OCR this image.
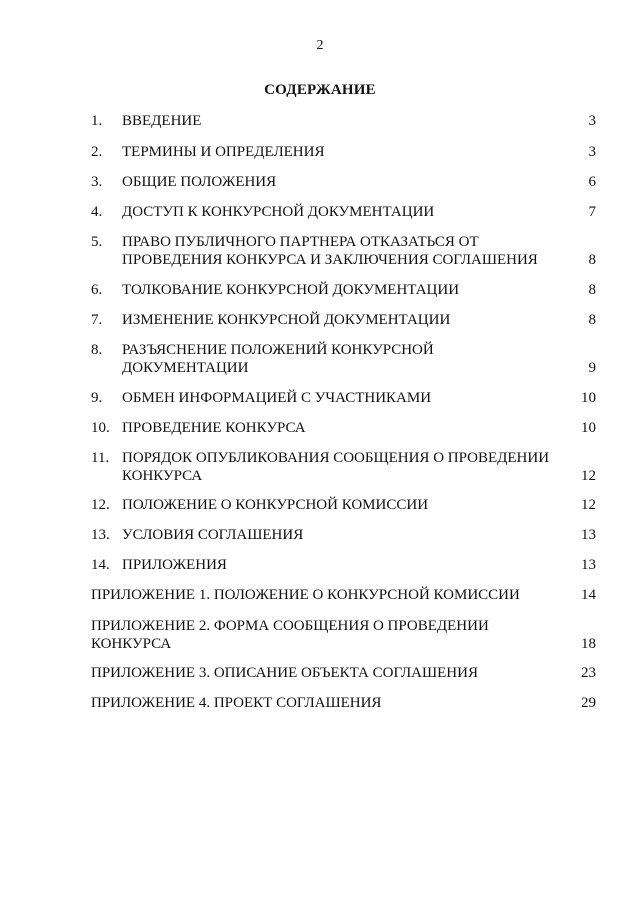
2
СОДЕРЖАНИЕ
1. ВВЕДЕНИЕ	3
2. ТЕРМИНЫ И ОПРЕДЕЛЕНИЯ	3
3. ОБЩИЕ ПОЛОЖЕНИЯ	6
4. ДОСТУП К КОНКУРСНОЙ ДОКУМЕНТАЦИИ	7
5. ПРАВО ПУБЛИЧНОГО ПАРТНЕРА ОТКАЗАТЬСЯ ОТ
ПРОВЕДЕНИЯ КОНКУРСА И ЗАКЛЮЧЕНИЯ СОГЛАШЕНИЯ	8
6. ТОЛКОВАНИЕ КОНКУРСНОЙ ДОКУМЕНТАЦИИ	8
7. ИЗМЕНЕНИЕ КОНКУРСНОЙ ДОКУМЕНТАЦИИ	8
8. РАЗЪЯСНЕНИЕ ПОЛОЖЕНИЙ КОНКУРСНОЙ
ДОКУМЕНТАЦИИ	9
9. ОБМЕН ИНФОРМАЦИЕЙ С УЧАСТНИКАМИ	10
10. ПРОВЕДЕНИЕ КОНКУРСА	10
11. ПОРЯДОК ОПУБЛИКОВАНИЯ СООБЩЕНИЯ О ПРОВЕДЕНИИ
КОНКУРСА	12
12. ПОЛОЖЕНИЕ О КОНКУРСНОЙ КОМИССИИ	12
13. УСЛОВИЯ СОГЛАШЕНИЯ	13
14. ПРИЛОЖЕНИЯ	13
ПРИЛОЖЕНИЕ 1. ПОЛОЖЕНИЕ О КОНКУРСНОЙ КОМИССИИ	14
ПРИЛОЖЕНИЕ 2. ФОРМА СООБЩЕНИЯ О ПРОВЕДЕНИИ
КОНКУРСА	18
ПРИЛОЖЕНИЕ 3. ОПИСАНИЕ ОБЪЕКТА СОГЛАШЕНИЯ	23
ПРИЛОЖЕНИЕ 4. ПРОЕКТ СОГЛАШЕНИЯ	29
